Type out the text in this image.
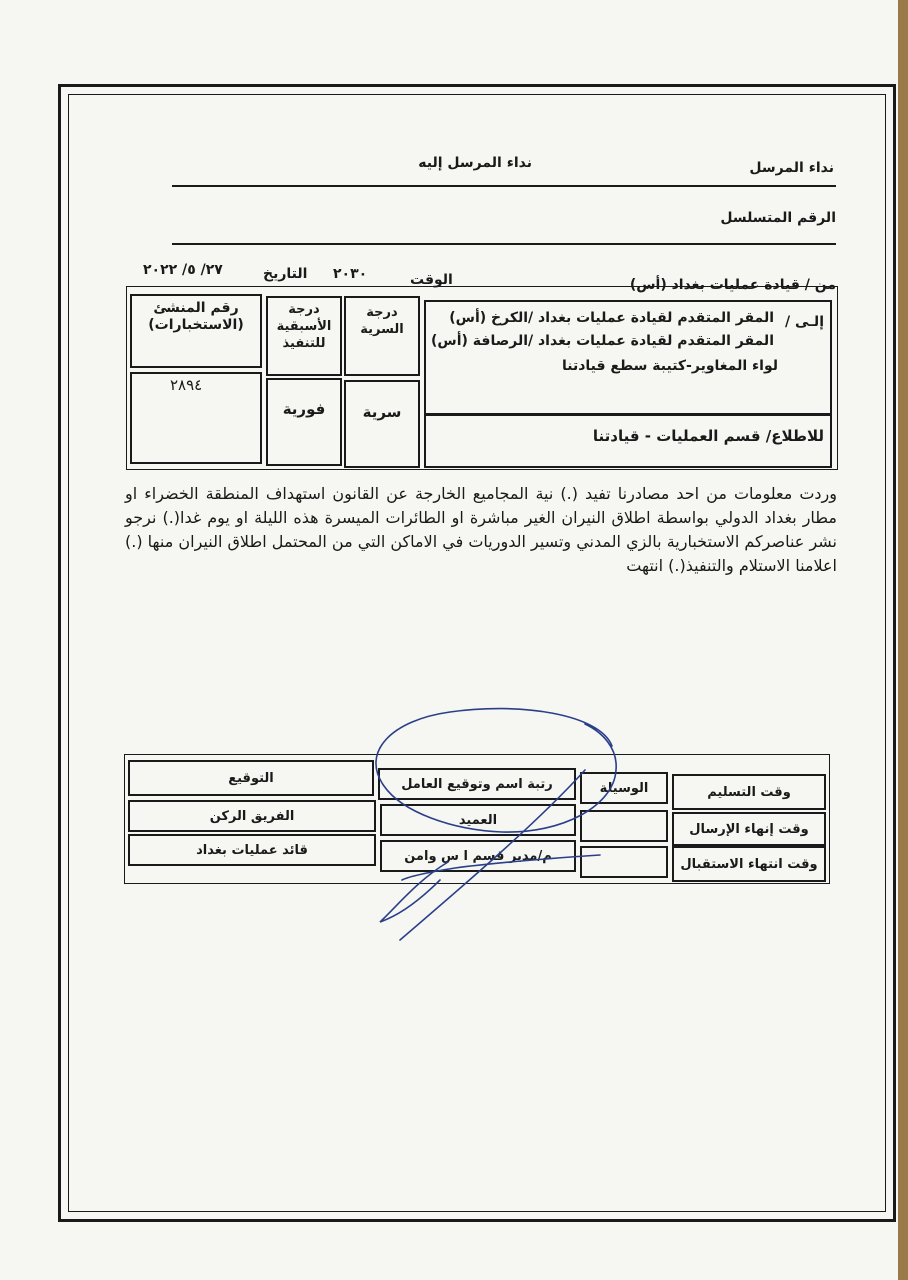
نداء المرسل
نداء المرسل إليه
الرقم المتسلسل
من / قيادة عمليات بغداد (أس)
الوقت
٢٠٣٠
التاريخ
٢٧/ ٥/ ٢٠٢٢
إلـى /
المقر المتقدم لقيادة عمليات بغداد /الكرخ (أس)
المقر المتقدم لقيادة عمليات بغداد /الرصافة (أس)
لواء المغاوير-كتيبة سطع قيادتنا
للاطلاع/ قسم العمليات - قيادتنا
درجة السرية
درجة الأسبقية للتنفيذ
رقم المنشئ (الاستخبارات)
سرية
فورية
٢٨٩٤
وردت معلومات من احد مصادرنا تفيد (.) نية المجاميع الخارجة عن القانون استهداف المنطقة الخضراء او مطار بغداد الدولي بواسطة اطلاق النيران الغير مباشرة او الطائرات الميسرة هذه الليلة او يوم غدا(.) نرجو نشر عناصركم الاستخبارية بالزي المدني وتسير الدوريات في الاماكن التي من المحتمل اطلاق النيران منها (.) اعلامنا الاستلام والتنفيذ(.) انتهت
وقت التسليم
وقت إنهاء الإرسال
وقت انتهاء الاستقبال
الوسيلة
رتبة اسم وتوقيع العامل
العميد
م/مدير قسم ا س وامن
التوقيع
الفريق الركن
قائد عمليات بغداد
